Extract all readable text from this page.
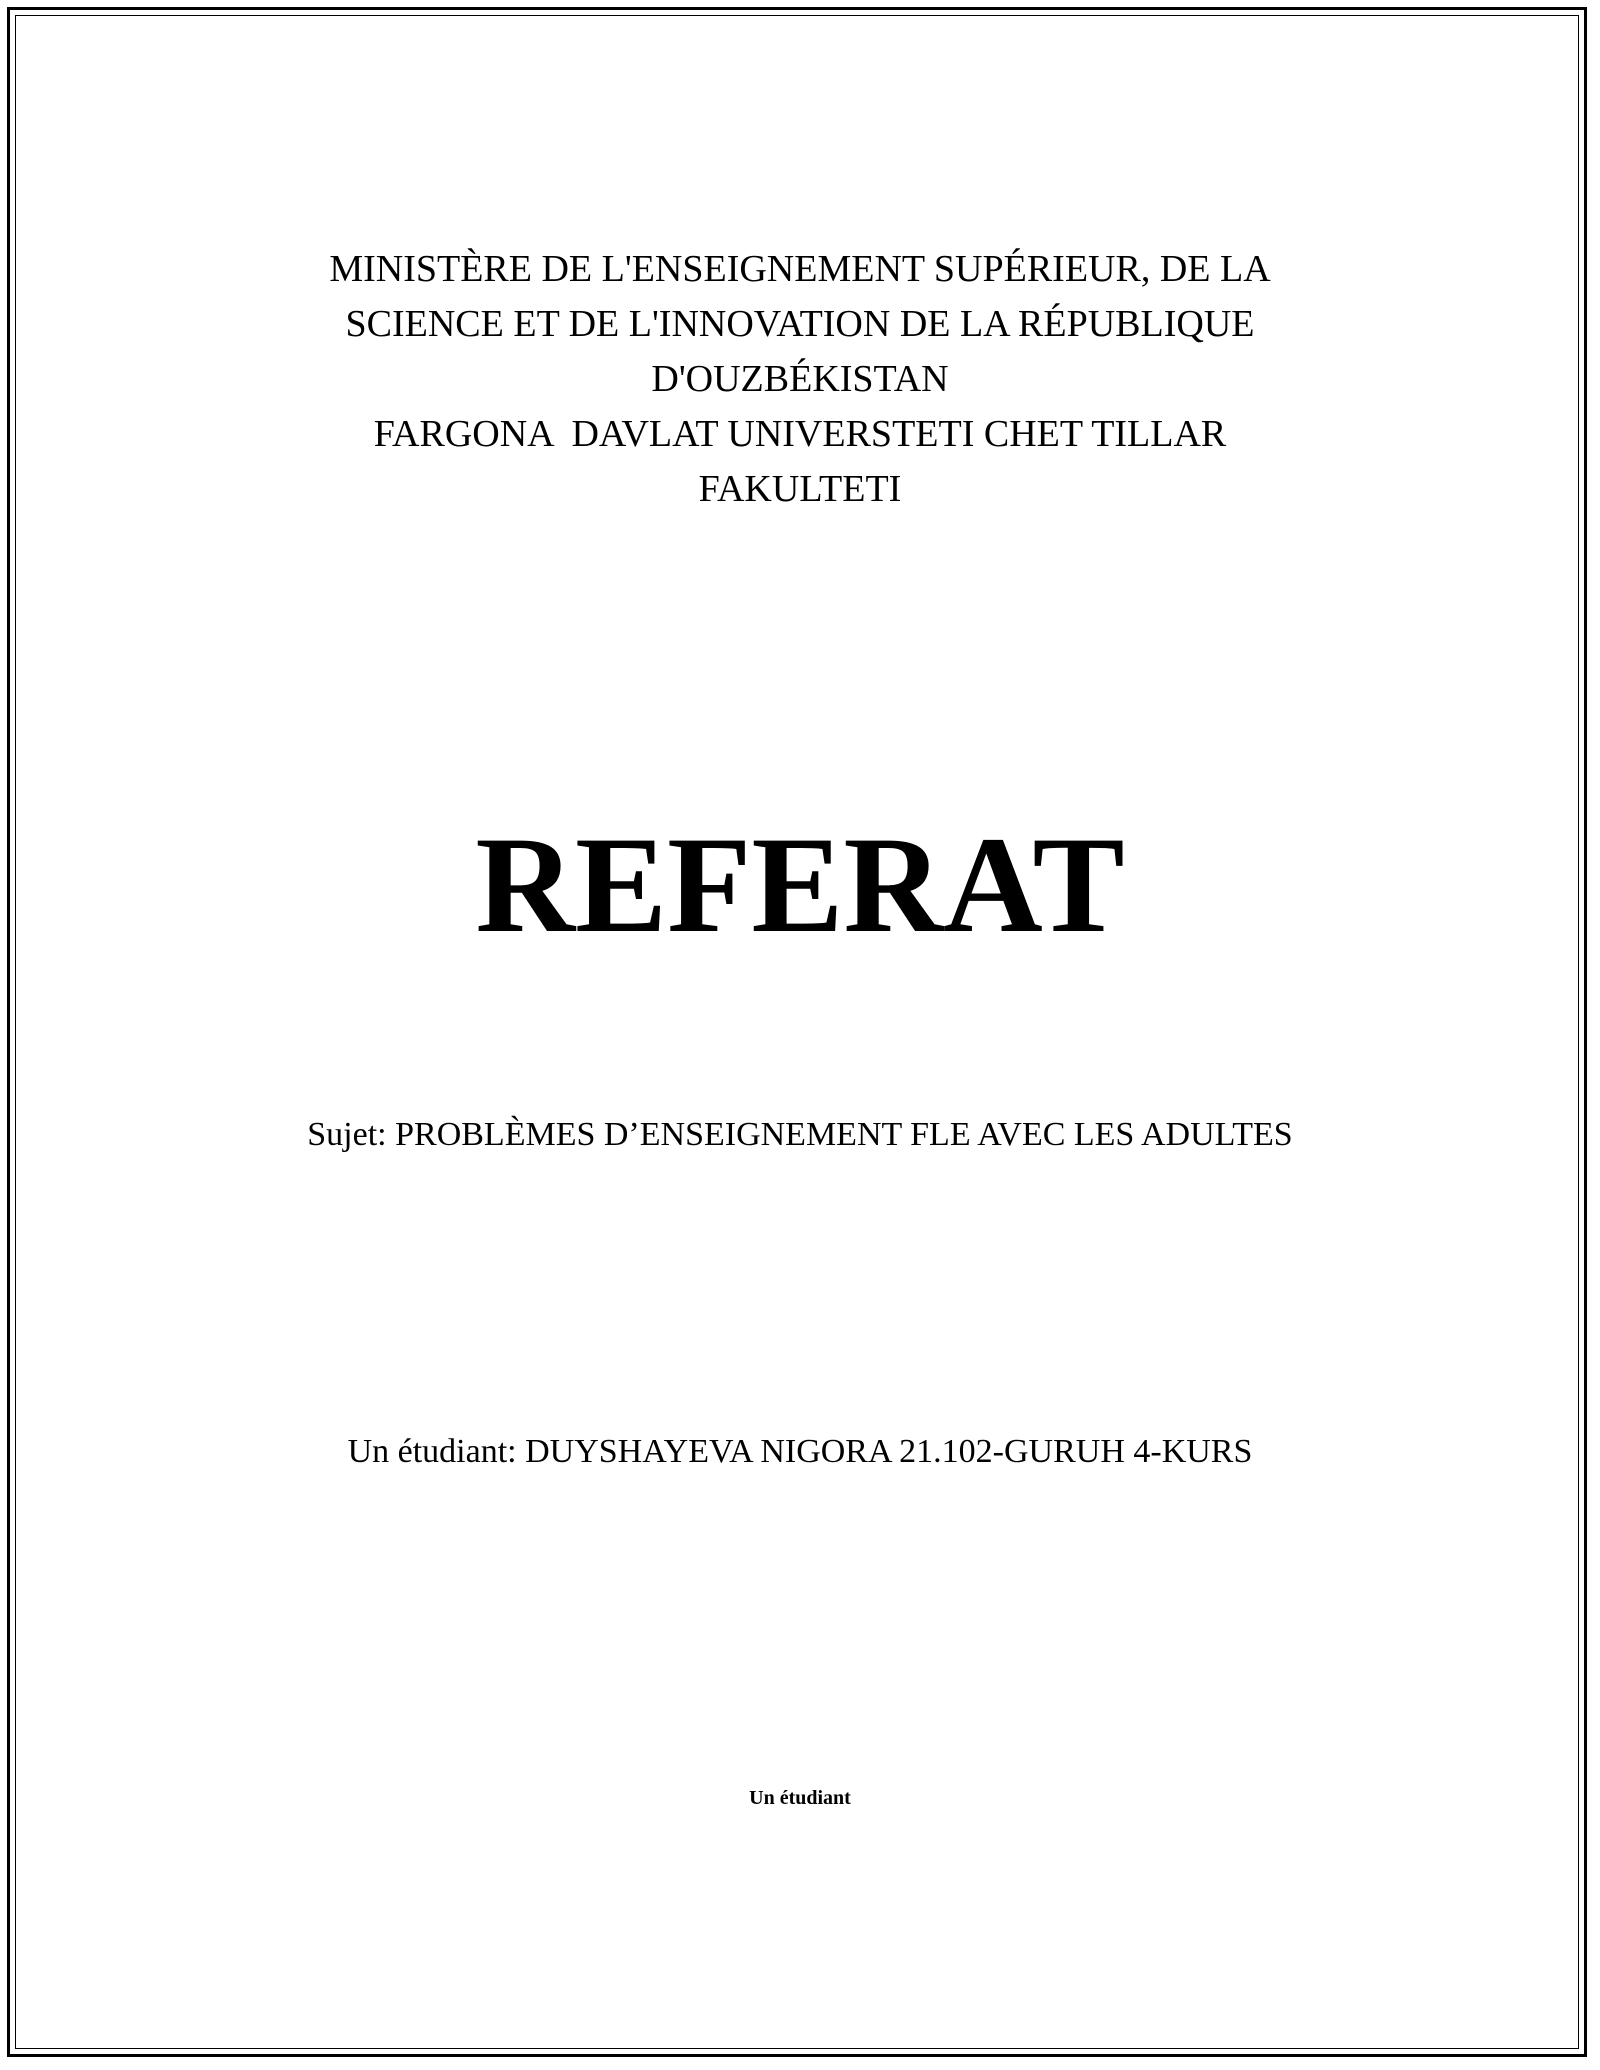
MINISTÈRE DE L'ENSEIGNEMENT SUPÉRIEUR, DE LA
SCIENCE ET DE L'INNOVATION DE LA RÉPUBLIQUE
D'OUZBÉKISTAN
FARGONA  DAVLAT UNIVERSTETI CHET TILLAR
FAKULTETI
REFERAT
Sujet: PROBLÈMES D’ENSEIGNEMENT FLE AVEC LES ADULTES
Un étudiant: DUYSHAYEVA NIGORA 21.102-GURUH 4-KURS
Un étudiant
